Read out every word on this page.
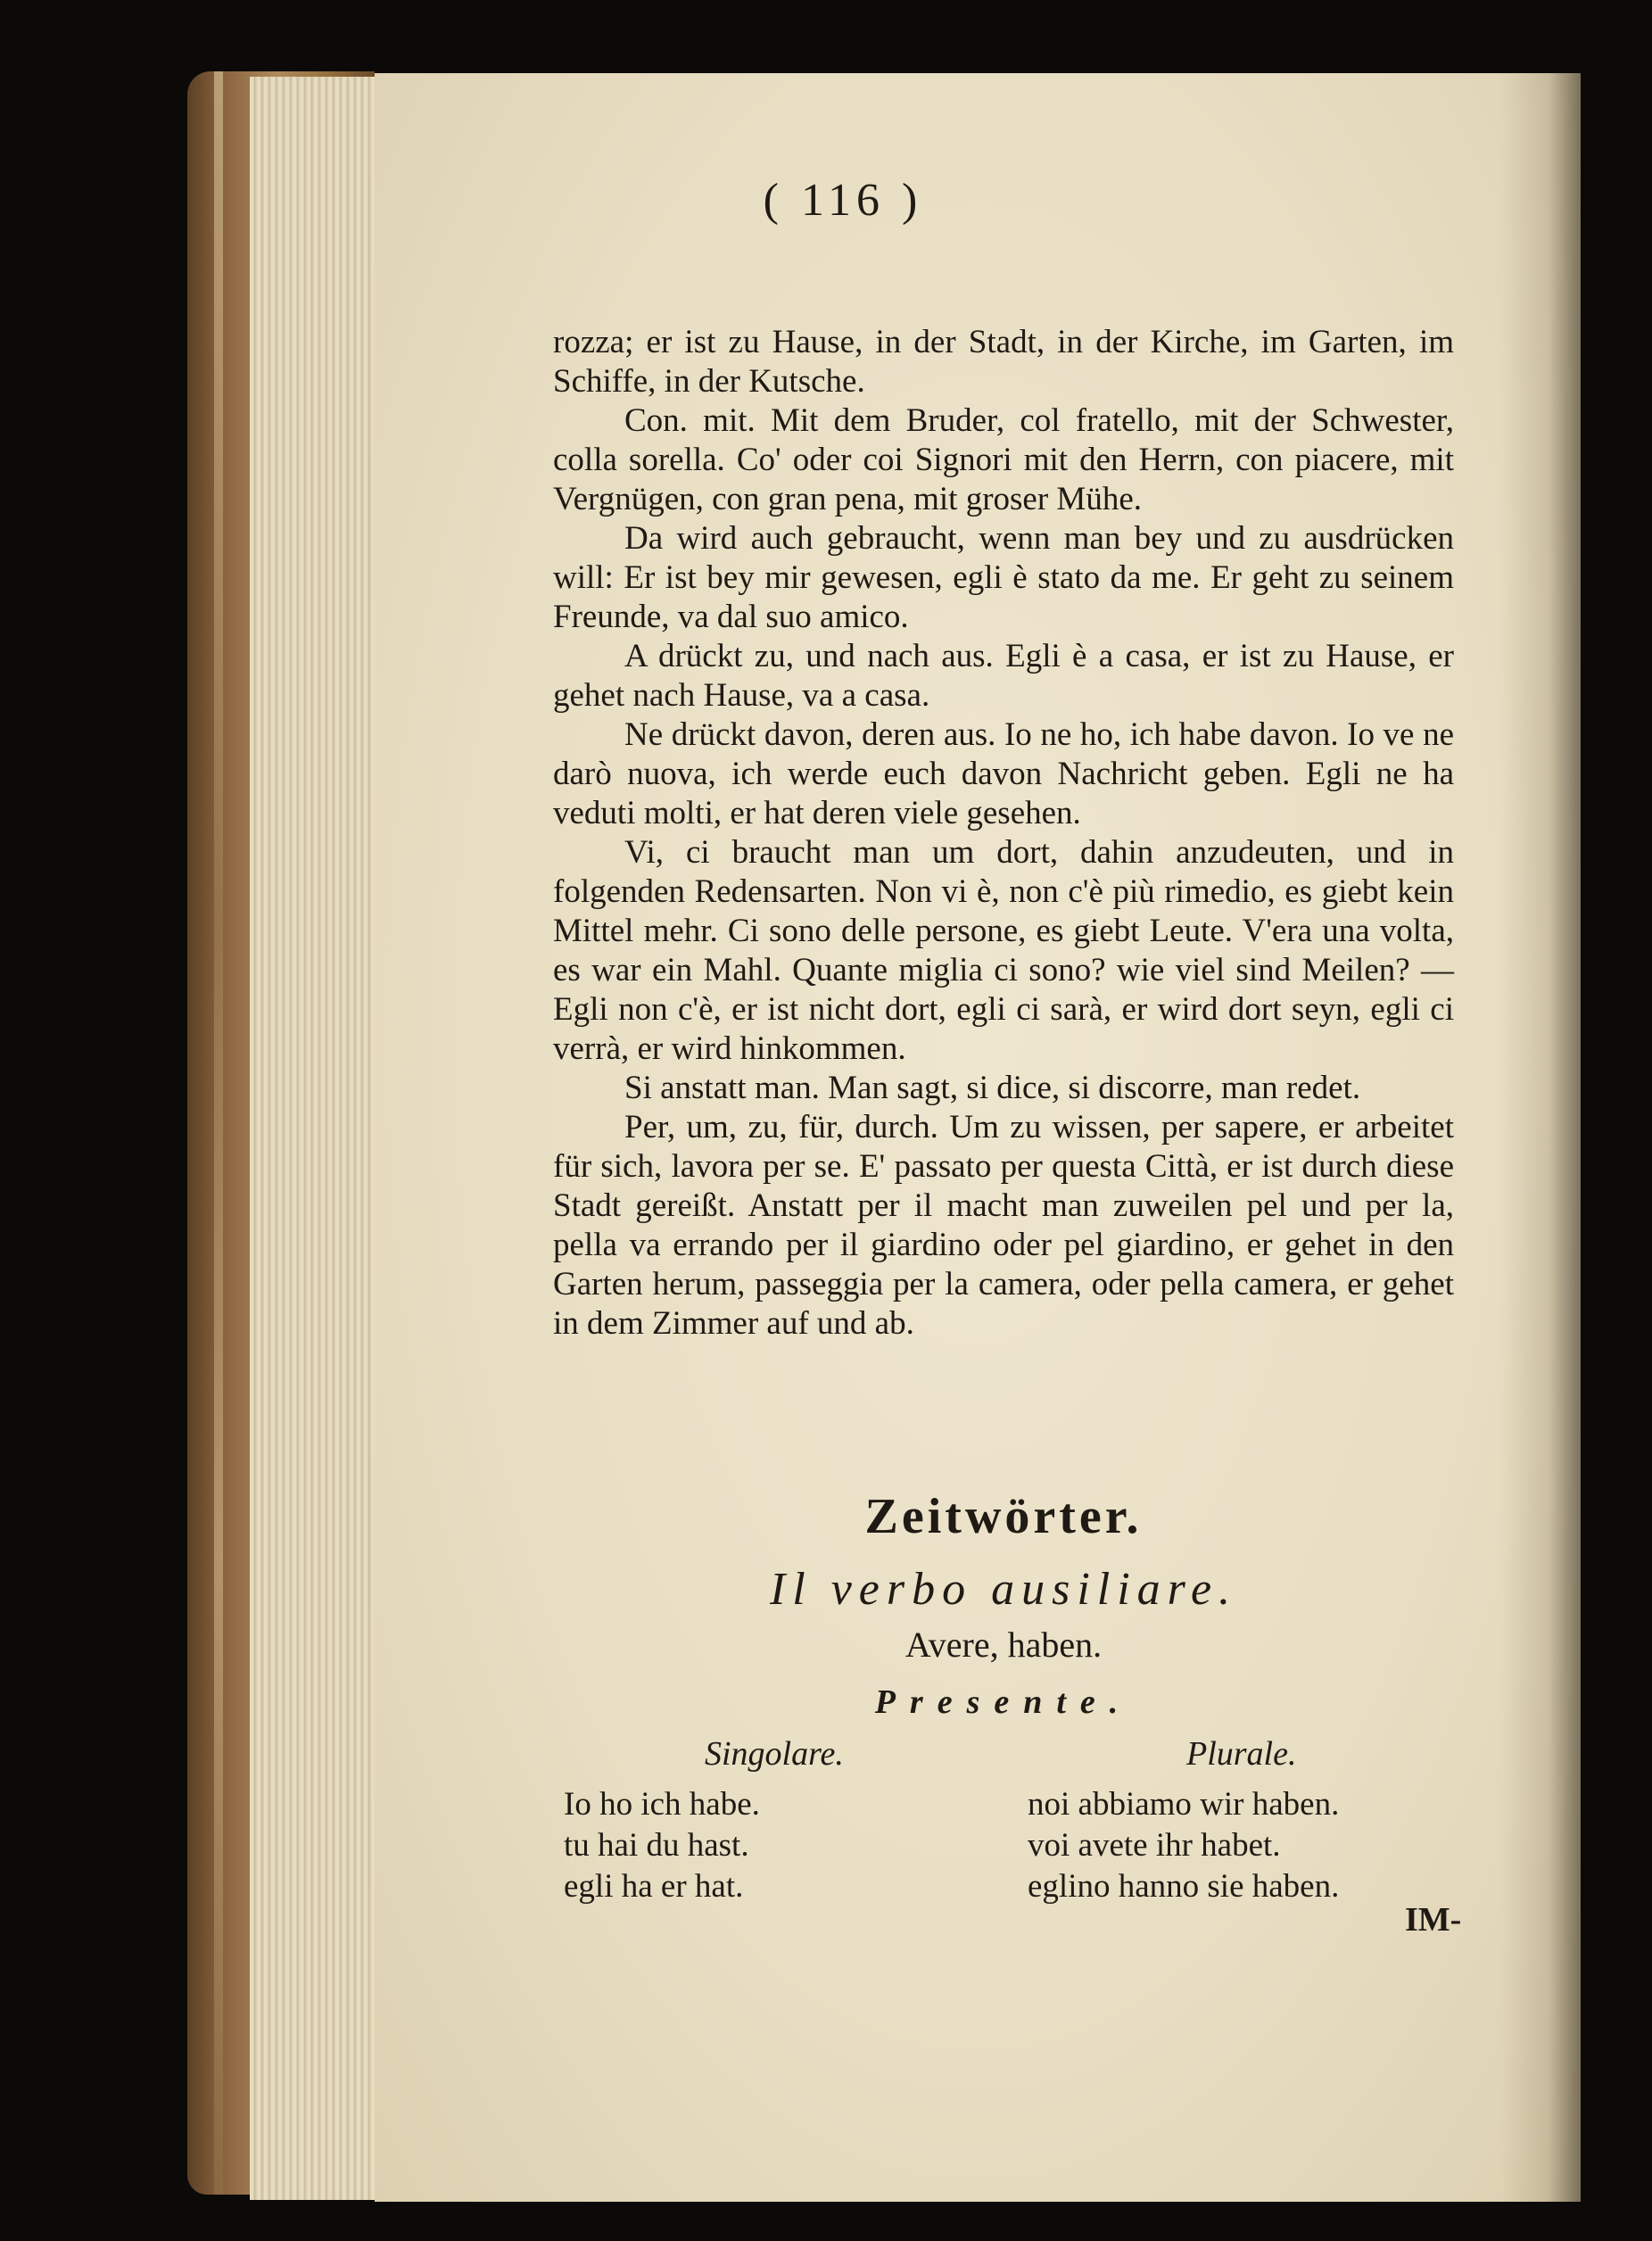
( 116 )

rozza; er ist zu Hause, in der Stadt, in der Kirche, im Garten, im Schiffe, in der Kutsche.

Con. mit. Mit dem Bruder, col fratello, mit der Schwester, colla sorella. Co' oder coi Signori mit den Herrn, con piacere, mit Vergnügen, con gran pena, mit groser Mühe.

Da wird auch gebraucht, wenn man bey und zu ausdrücken will: Er ist bey mir gewesen, egli è stato da me. Er geht zu seinem Freunde, va dal suo amico.

A drückt zu, und nach aus. Egli è a casa, er ist zu Hause, er gehet nach Hause, va a casa.

Ne drückt davon, deren aus. Io ne ho, ich habe davon. Io ve ne darò nuova, ich werde euch davon Nachricht geben. Egli ne ha veduti molti, er hat deren viele gesehen.

Vi, ci braucht man um dort, dahin anzudeuten, und in folgenden Redensarten. Non vi è, non c'è più rimedio, es giebt kein Mittel mehr. Ci sono delle persone, es giebt Leute. V'era una volta, es war ein Mahl. Quante miglia ci sono? wie viel sind Meilen? — Egli non c'è, er ist nicht dort, egli ci sarà, er wird dort seyn, egli ci verrà, er wird hinkommen.

Si anstatt man. Man sagt, si dice, si discorre, man redet.

Per, um, zu, für, durch. Um zu wissen, per sapere, er arbeitet für sich, lavora per se. E' passato per questa Città, er ist durch diese Stadt gereißt. Anstatt per il macht man zuweilen pel und per la, pella va errando per il giardino oder pel giardino, er gehet in den Garten herum, passeggia per la camera, oder pella camera, er gehet in dem Zimmer auf und ab.

Zeitwörter.
Il verbo ausiliare.
Avere, haben.
Presente.
Singolare.	Plurale.
Io ho ich habe.
tu hai du hast.
egli ha er hat.
noi abbiamo wir haben.
voi avete ihr habet.
eglino hanno sie haben.
IM-
